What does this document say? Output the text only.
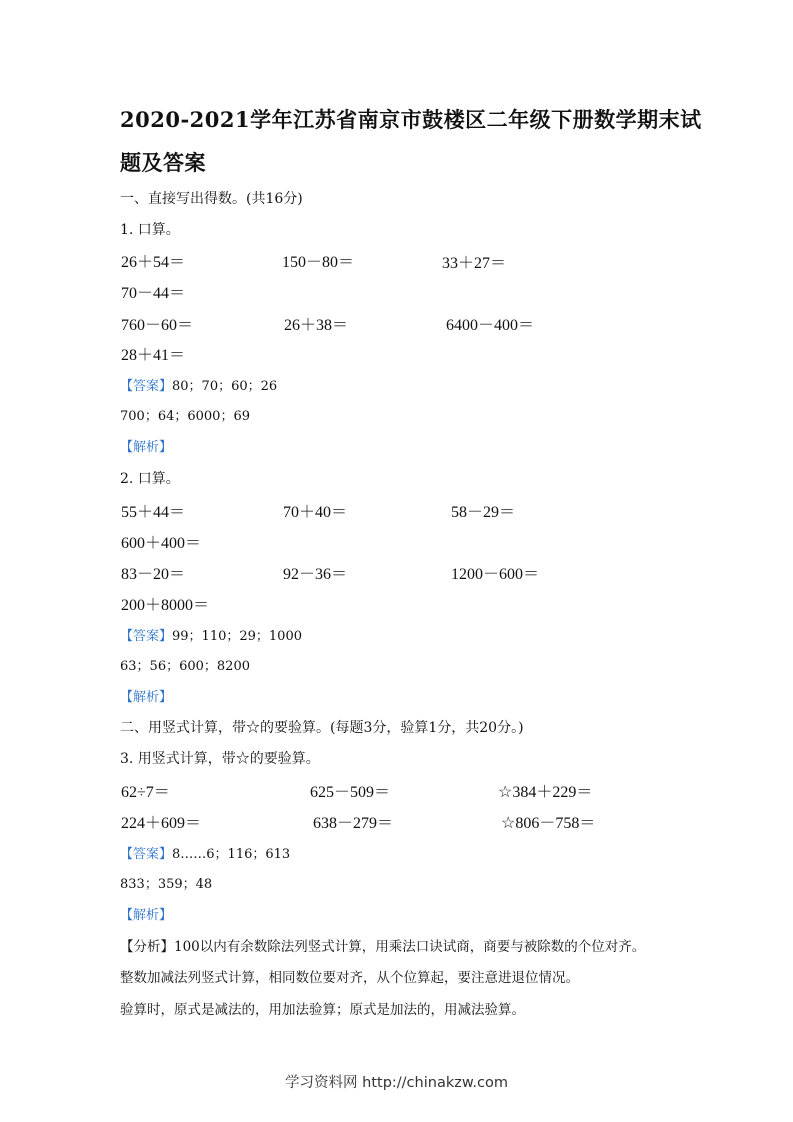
2020-2021学年江苏省南京市鼓楼区二年级下册数学期末试
题及答案
一、直接写出得数。(共16分)
1. 口算。
26＋54＝	150－80＝	33＋27＝
70－44＝
760－60＝	26＋38＝	6400－400＝
28＋41＝
【答案】80；70；60；26
700；64；6000；69
【解析】
2. 口算。
55＋44＝	70＋40＝	58－29＝
600＋400＝
83－20＝	92－36＝	1200－600＝
200＋8000＝
【答案】99；110；29；1000
63；56；600；8200
【解析】
二、用竖式计算，带☆的要验算。(每题3分，验算1分，共20分。)
3. 用竖式计算，带☆的要验算。
62÷7＝	625－509＝	☆384＋229＝
224＋609＝	638－279＝	☆806－758＝
【答案】8……6；116；613
833；359；48
【解析】
【分析】100以内有余数除法列竖式计算，用乘法口诀试商，商要与被除数的个位对齐。
整数加减法列竖式计算，相同数位要对齐，从个位算起，要注意进退位情况。
验算时，原式是减法的，用加法验算；原式是加法的，用减法验算。
学习资料网 http://chinakzw.com
